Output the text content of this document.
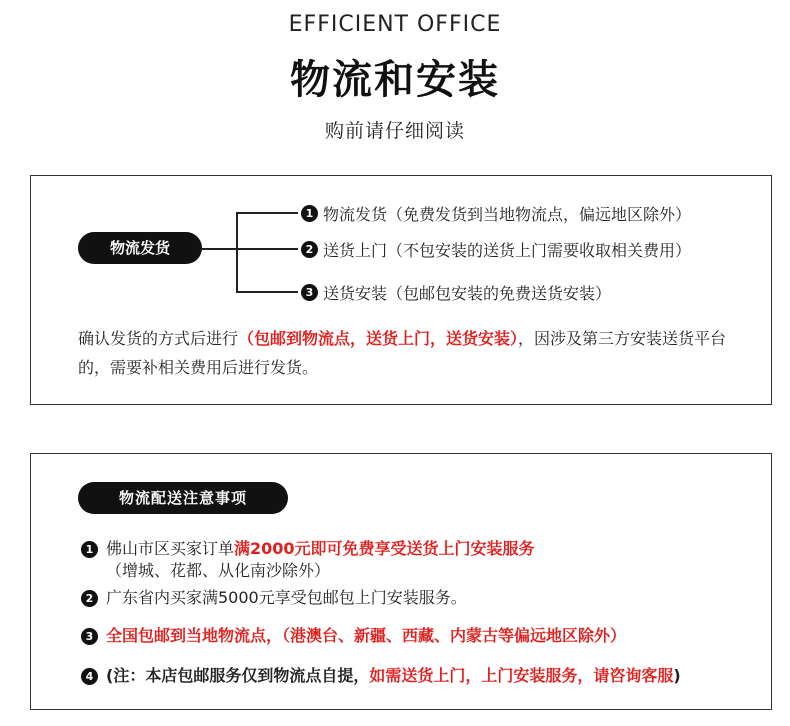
EFFICIENT OFFICE
物流和安装
购前请仔细阅读
物流发货
1 物流发货（免费发货到当地物流点，偏远地区除外）
2 送货上门（不包安装的送货上门需要收取相关费用）
3 送货安装（包邮包安装的免费送货安装）
确认发货的方式后进行（包邮到物流点，送货上门，送货安装），因涉及第三方安装送货平台的，需要补相关费用后进行发货。
物流配送注意事项
1 佛山市区买家订单满2000元即可免费享受送货上门安装服务（增城、花都、从化南沙除外）
2 广东省内买家满5000元享受包邮包上门安装服务。
3 全国包邮到当地物流点，（港澳台、新疆、西藏、内蒙古等偏远地区除外）
4 (注：本店包邮服务仅到物流点自提，如需送货上门，上门安装服务，请咨询客服)
